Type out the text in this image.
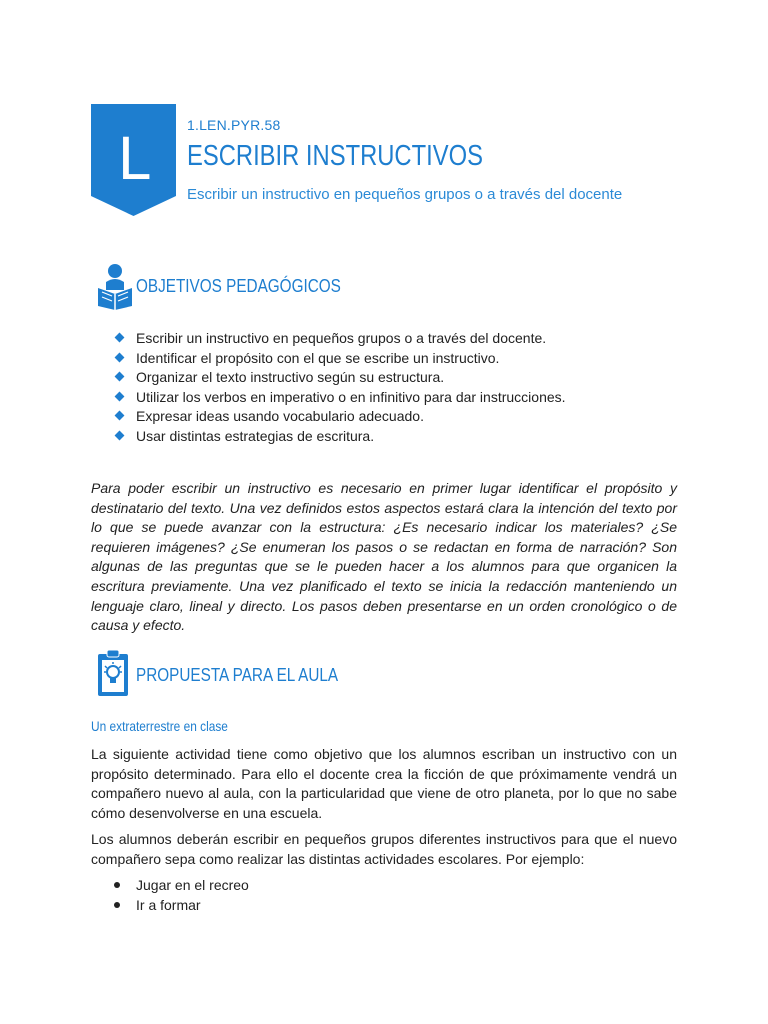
L	1.LEN.PYR.58
ESCRIBIR INSTRUCTIVOS
Escribir un instructivo en pequeños grupos o a través del docente
OBJETIVOS PEDAGÓGICOS
Escribir un instructivo en pequeños grupos o a través del docente.
Identificar el propósito con el que se escribe un instructivo.
Organizar el texto instructivo según su estructura.
Utilizar los verbos en imperativo o en infinitivo para dar instrucciones.
Expresar ideas usando vocabulario adecuado.
Usar distintas estrategias de escritura.

Para poder escribir un instructivo es necesario en primer lugar identificar el propósito y destinatario del texto. Una vez definidos estos aspectos estará clara la intención del texto por lo que se puede avanzar con la estructura: ¿Es necesario indicar los materiales? ¿Se requieren imágenes? ¿Se enumeran los pasos o se redactan en forma de narración? Son algunas de las preguntas que se le pueden hacer a los alumnos para que organicen la escritura previamente. Una vez planificado el texto se inicia la redacción manteniendo un lenguaje claro, lineal y directo. Los pasos deben presentarse en un orden cronológico o de causa y efecto.

PROPUESTA PARA EL AULA
Un extraterrestre en clase

La siguiente actividad tiene como objetivo que los alumnos escriban un instructivo con un propósito determinado. Para ello el docente crea la ficción de que próximamente vendrá un compañero nuevo al aula, con la particularidad que viene de otro planeta, por lo que no sabe cómo desenvolverse en una escuela.

Los alumnos deberán escribir en pequeños grupos diferentes instructivos para que el nuevo compañero sepa como realizar las distintas actividades escolares. Por ejemplo:

Jugar en el recreo
Ir a formar
